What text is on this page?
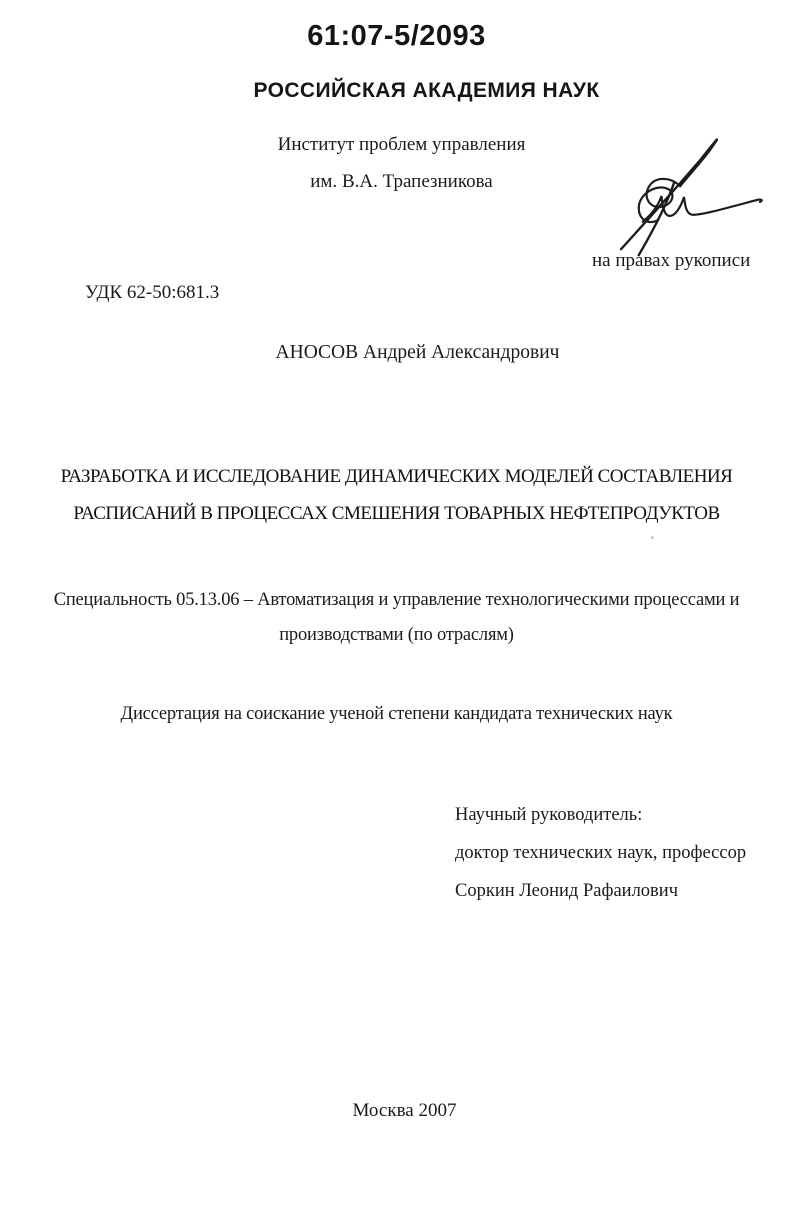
61:07-5/2093
РОССИЙСКАЯ АКАДЕМИЯ НАУК
Институт проблем управления
им. В.А. Трапезникова
на правах рукописи
УДК 62-50:681.3
АНОСОВ Андрей Александрович
РАЗРАБОТКА И ИССЛЕДОВАНИЕ ДИНАМИЧЕСКИХ МОДЕЛЕЙ СОСТАВЛЕНИЯ
РАСПИСАНИЙ В ПРОЦЕССАХ СМЕШЕНИЯ ТОВАРНЫХ НЕФТЕПРОДУКТОВ
Специальность 05.13.06 – Автоматизация и управление технологическими процессами и
производствами (по отраслям)
Диссертация на соискание ученой степени кандидата технических наук
Научный руководитель:
доктор технических наук, профессор
Соркин Леонид Рафаилович
Москва 2007
